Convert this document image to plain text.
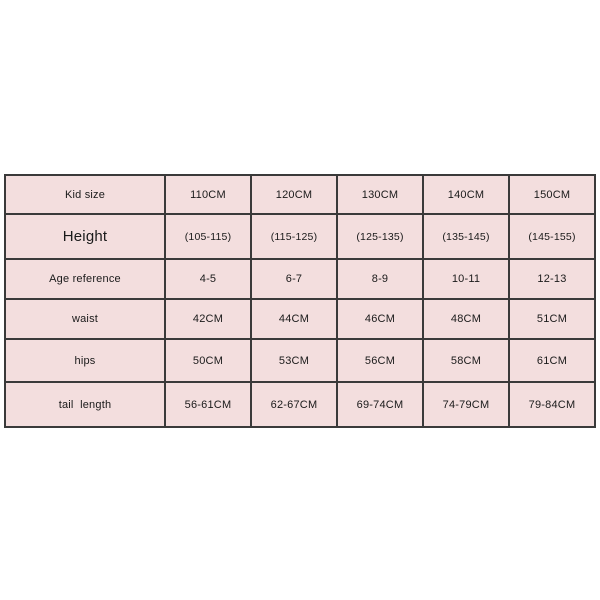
Kid size	110CM	120CM	130CM	140CM	150CM
Height	(105-115)	(115-125)	(125-135)	(135-145)	(145-155)
Age reference	4-5	6-7	8-9	10-11	12-13
waist	42CM	44CM	46CM	48CM	51CM
hips	50CM	53CM	56CM	58CM	61CM
tail  length	56-61CM	62-67CM	69-74CM	74-79CM	79-84CM
